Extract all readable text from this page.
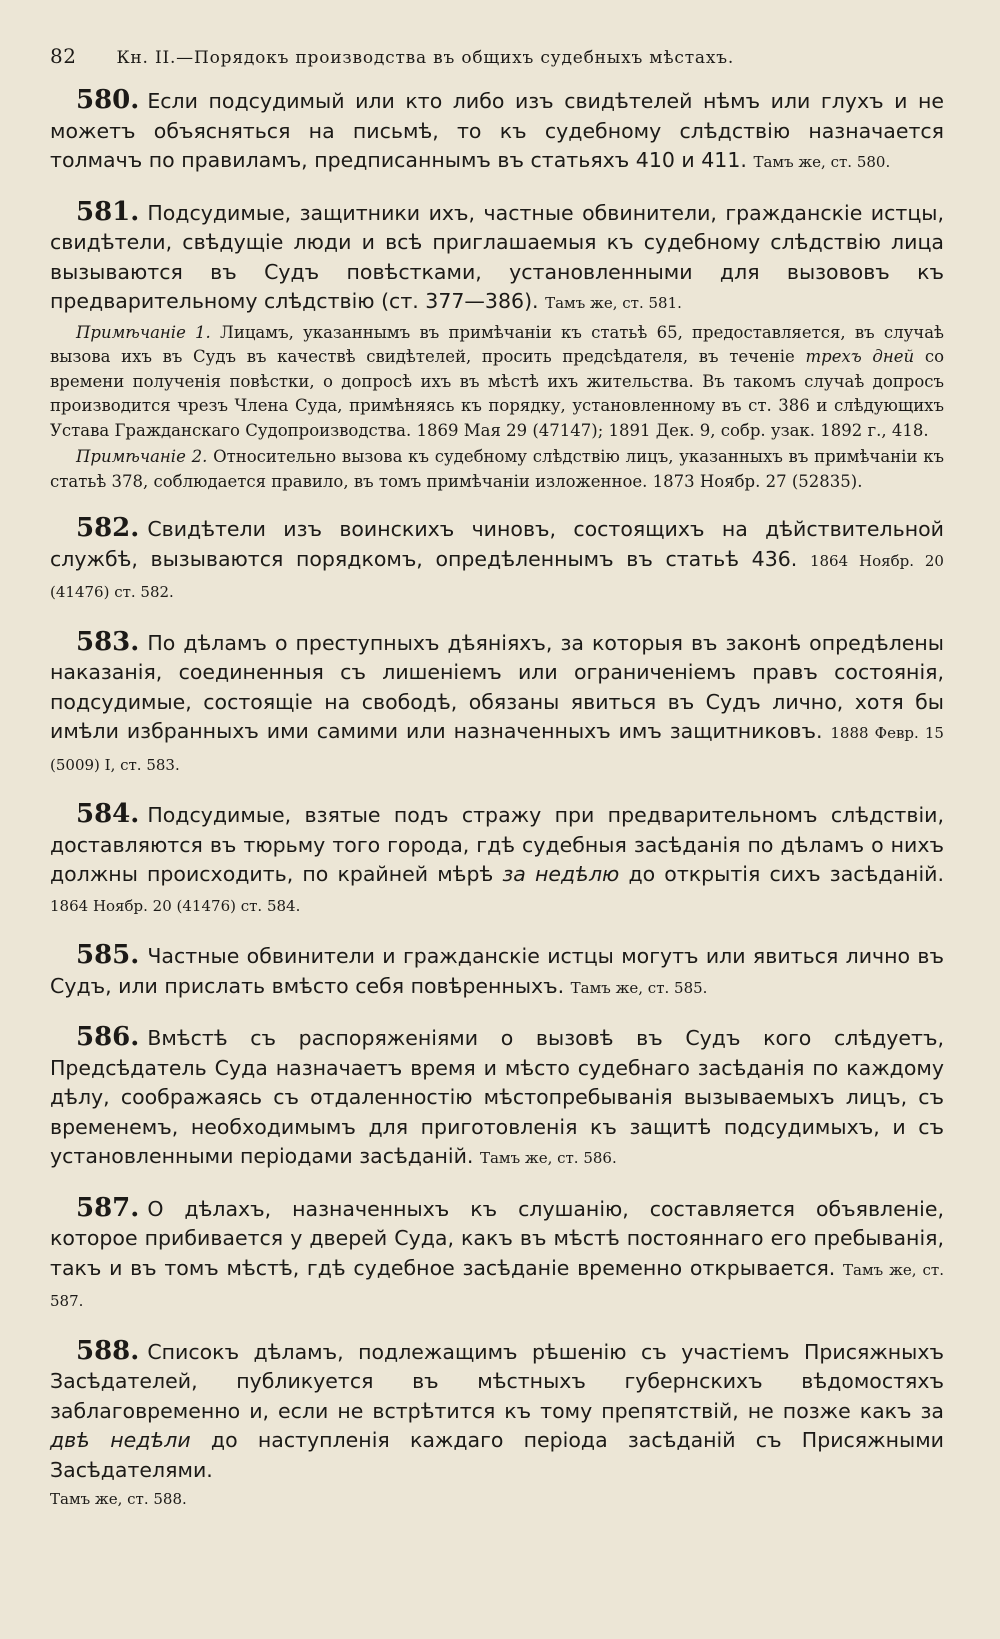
82 Кн. II.—Порядокъ производства въ общихъ судебныхъ мѣстахъ.

580. Если подсудимый или кто либо изъ свидѣтелей нѣмъ или глухъ и не можетъ объясняться на письмѣ, то къ судебному слѣдствію назначается толмачъ по правиламъ, предписаннымъ въ статьяхъ 410 и 411. Тамъ же, ст. 580.

581. Подсудимые, защитники ихъ, частные обвинители, гражданскіе истцы, свидѣтели, свѣдущіе люди и всѣ приглашаемыя къ судебному слѣдствію лица вызываются въ Судъ повѣстками, установленными для вызововъ къ предварительному слѣдствію (ст. 377—386). Тамъ же, ст. 581.

Примѣчаніе 1. Лицамъ, указаннымъ въ примѣчаніи къ статьѣ 65, предоставляется, въ случаѣ вызова ихъ въ Судъ въ качествѣ свидѣтелей, просить предсѣдателя, въ теченіе трехъ дней со времени полученія повѣстки, о допросѣ ихъ въ мѣстѣ ихъ жительства. Въ такомъ случаѣ допросъ производится чрезъ Члена Суда, примѣняясь къ порядку, установленному въ ст. 386 и слѣдующихъ Устава Гражданскаго Судопроизводства. 1869 Мая 29 (47147); 1891 Дек. 9, собр. узак. 1892 г., 418.

Примѣчаніе 2. Относительно вызова къ судебному слѣдствію лицъ, указанныхъ въ примѣчаніи къ статьѣ 378, соблюдается правило, въ томъ примѣчаніи изложенное. 1873 Ноябр. 27 (52835).

582. Свидѣтели изъ воинскихъ чиновъ, состоящихъ на дѣйствительной службѣ, вызываются порядкомъ, опредѣленнымъ въ статьѣ 436. 1864 Ноябр. 20 (41476) ст. 582.

583. По дѣламъ о преступныхъ дѣяніяхъ, за которыя въ законѣ опредѣлены наказанія, соединенныя съ лишеніемъ или ограниченіемъ правъ состоянія, подсудимые, состоящіе на свободѣ, обязаны явиться въ Судъ лично, хотя бы имѣли избранныхъ ими самими или назначенныхъ имъ защитниковъ. 1888 Февр. 15 (5009) I, ст. 583.

584. Подсудимые, взятые подъ стражу при предварительномъ слѣдствіи, доставляются въ тюрьму того города, гдѣ судебныя засѣданія по дѣламъ о нихъ должны происходить, по крайней мѣрѣ за недѣлю до открытія сихъ засѣданій. 1864 Ноябр. 20 (41476) ст. 584.

585. Частные обвинители и гражданскіе истцы могутъ или явиться лично въ Судъ, или прислать вмѣсто себя повѣренныхъ. Тамъ же, ст. 585.

586. Вмѣстѣ съ распоряженіями о вызовѣ въ Судъ кого слѣдуетъ, Предсѣдатель Суда назначаетъ время и мѣсто судебнаго засѣданія по каждому дѣлу, соображаясь съ отдаленностію мѣстопребыванія вызываемыхъ лицъ, съ временемъ, необходимымъ для приготовленія къ защитѣ подсудимыхъ, и съ установленными періодами засѣданій. Тамъ же, ст. 586.

587. О дѣлахъ, назначенныхъ къ слушанію, составляется объявленіе, которое прибивается у дверей Суда, какъ въ мѣстѣ постояннаго его пребыванія, такъ и въ томъ мѣстѣ, гдѣ судебное засѣданіе временно открывается. Тамъ же, ст. 587.

588. Списокъ дѣламъ, подлежащимъ рѣшенію съ участіемъ Присяжныхъ Засѣдателей, публикуется въ мѣстныхъ губернскихъ вѣдомостяхъ заблаговременно и, если не встрѣтится къ тому препятствій, не позже какъ за двѣ недѣли до наступленія каждаго періода засѣданій съ Присяжными Засѣдателями.
Тамъ же, ст. 588.
